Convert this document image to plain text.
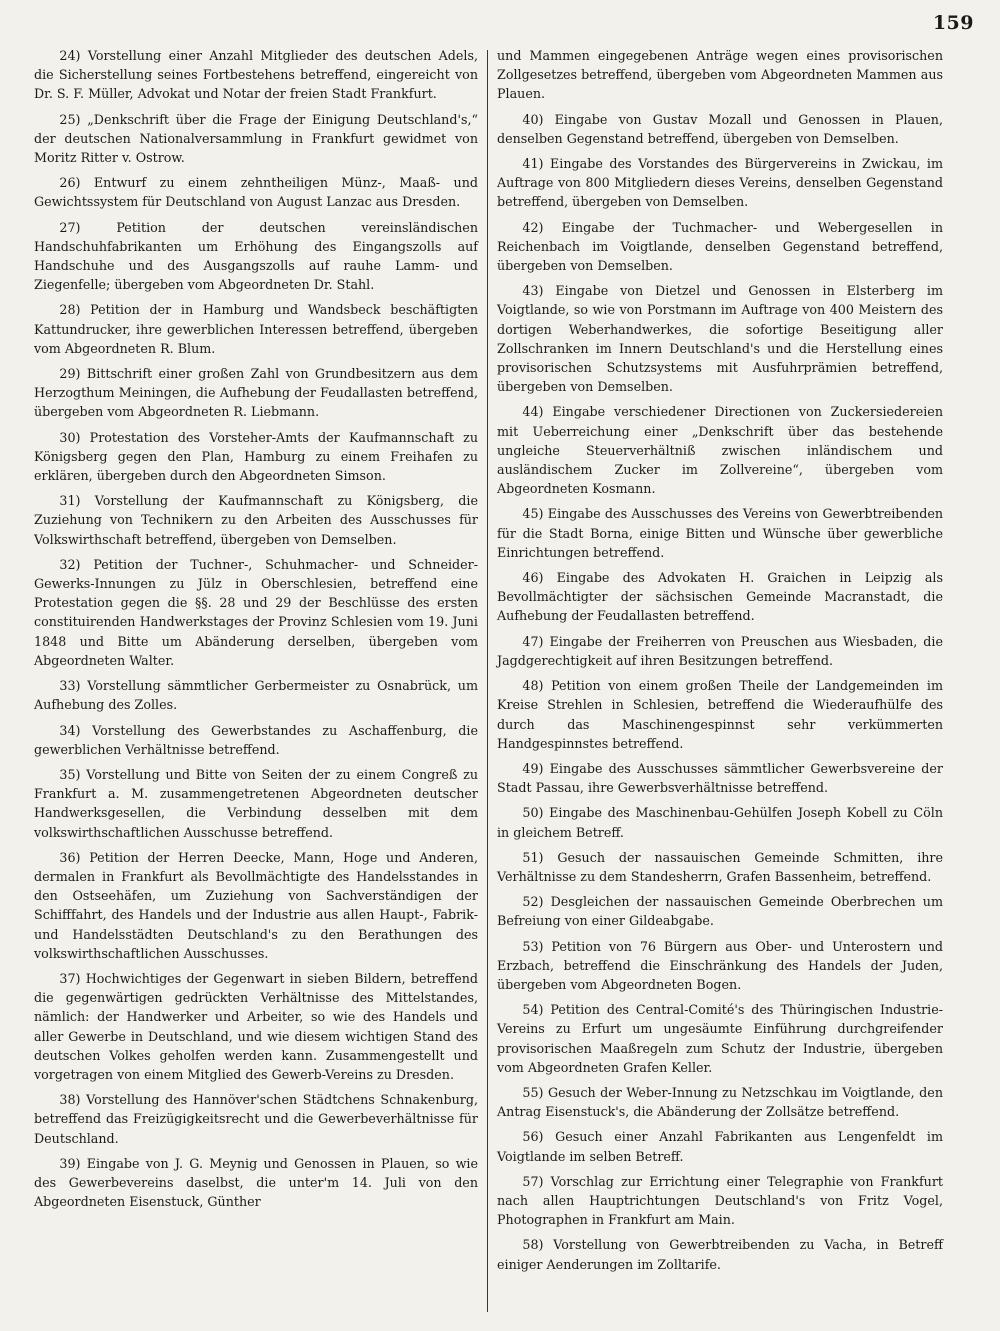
159

24) Vorstellung einer Anzahl Mitglieder des deutschen Adels, die Sicherstellung seines Fortbestehens betreffend, eingereicht von Dr. S. F. Müller, Advokat und Notar der freien Stadt Frankfurt.

25) „Denkschrift über die Frage der Einigung Deutschland's,“ der deutschen Nationalversammlung in Frankfurt gewidmet von Moritz Ritter v. Ostrow.

26) Entwurf zu einem zehntheiligen Münz-, Maaß- und Gewichtssystem für Deutschland von August Lanzac aus Dresden.

27) Petition der deutschen vereinsländischen Handschuhfabrikanten um Erhöhung des Eingangszolls auf Handschuhe und des Ausgangszolls auf rauhe Lamm- und Ziegenfelle; übergeben vom Abgeordneten Dr. Stahl.

28) Petition der in Hamburg und Wandsbeck beschäftigten Kattundrucker, ihre gewerblichen Interessen betreffend, übergeben vom Abgeordneten R. Blum.

29) Bittschrift einer großen Zahl von Grundbesitzern aus dem Herzogthum Meiningen, die Aufhebung der Feudallasten betreffend, übergeben vom Abgeordneten R. Liebmann.

30) Protestation des Vorsteher-Amts der Kaufmannschaft zu Königsberg gegen den Plan, Hamburg zu einem Freihafen zu erklären, übergeben durch den Abgeordneten Simson.

31) Vorstellung der Kaufmannschaft zu Königsberg, die Zuziehung von Technikern zu den Arbeiten des Ausschusses für Volkswirthschaft betreffend, übergeben von Demselben.

32) Petition der Tuchner-, Schuhmacher- und Schneider-Gewerks-Innungen zu Jülz in Oberschlesien, betreffend eine Protestation gegen die §§. 28 und 29 der Beschlüsse des ersten constituirenden Handwerkstages der Provinz Schlesien vom 19. Juni 1848 und Bitte um Abänderung derselben, übergeben vom Abgeordneten Walter.

33) Vorstellung sämmtlicher Gerbermeister zu Osnabrück, um Aufhebung des Zolles.

34) Vorstellung des Gewerbstandes zu Aschaffenburg, die gewerblichen Verhältnisse betreffend.

35) Vorstellung und Bitte von Seiten der zu einem Congreß zu Frankfurt a. M. zusammengetretenen Abgeordneten deutscher Handwerksgesellen, die Verbindung desselben mit dem volkswirthschaftlichen Ausschusse betreffend.

36) Petition der Herren Deecke, Mann, Hoge und Anderen, dermalen in Frankfurt als Bevollmächtigte des Handelsstandes in den Ostseehäfen, um Zuziehung von Sachverständigen der Schifffahrt, des Handels und der Industrie aus allen Haupt-, Fabrik- und Handelsstädten Deutschland's zu den Berathungen des volkswirthschaftlichen Ausschusses.

37) Hochwichtiges der Gegenwart in sieben Bildern, betreffend die gegenwärtigen gedrückten Verhältnisse des Mittelstandes, nämlich: der Handwerker und Arbeiter, so wie des Handels und aller Gewerbe in Deutschland, und wie diesem wichtigen Stand des deutschen Volkes geholfen werden kann. Zusammengestellt und vorgetragen von einem Mitglied des Gewerb-Vereins zu Dresden.

38) Vorstellung des Hannöver'schen Städtchens Schnakenburg, betreffend das Freizügigkeitsrecht und die Gewerbeverhältnisse für Deutschland.

39) Eingabe von J. G. Meynig und Genossen in Plauen, so wie des Gewerbevereins daselbst, die unter'm 14. Juli von den Abgeordneten Eisenstuck, Günther

und Mammen eingegebenen Anträge wegen eines provisorischen Zollgesetzes betreffend, übergeben vom Abgeordneten Mammen aus Plauen.

40) Eingabe von Gustav Mozall und Genossen in Plauen, denselben Gegenstand betreffend, übergeben von Demselben.

41) Eingabe des Vorstandes des Bürgervereins in Zwickau, im Auftrage von 800 Mitgliedern dieses Vereins, denselben Gegenstand betreffend, übergeben von Demselben.

42) Eingabe der Tuchmacher- und Webergesellen in Reichenbach im Voigtlande, denselben Gegenstand betreffend, übergeben von Demselben.

43) Eingabe von Dietzel und Genossen in Elsterberg im Voigtlande, so wie von Porstmann im Auftrage von 400 Meistern des dortigen Weberhandwerkes, die sofortige Beseitigung aller Zollschranken im Innern Deutschland's und die Herstellung eines provisorischen Schutzsystems mit Ausfuhrprämien betreffend, übergeben von Demselben.

44) Eingabe verschiedener Directionen von Zuckersiedereien mit Ueberreichung einer „Denkschrift über das bestehende ungleiche Steuerverhältniß zwischen inländischem und ausländischem Zucker im Zollvereine“, übergeben vom Abgeordneten Kosmann.

45) Eingabe des Ausschusses des Vereins von Gewerbtreibenden für die Stadt Borna, einige Bitten und Wünsche über gewerbliche Einrichtungen betreffend.

46) Eingabe des Advokaten H. Graichen in Leipzig als Bevollmächtigter der sächsischen Gemeinde Macranstadt, die Aufhebung der Feudallasten betreffend.

47) Eingabe der Freiherren von Preuschen aus Wiesbaden, die Jagdgerechtigkeit auf ihren Besitzungen betreffend.

48) Petition von einem großen Theile der Landgemeinden im Kreise Strehlen in Schlesien, betreffend die Wiederaufhülfe des durch das Maschinengespinnst sehr verkümmerten Handgespinnstes betreffend.

49) Eingabe des Ausschusses sämmtlicher Gewerbsvereine der Stadt Passau, ihre Gewerbsverhältnisse betreffend.

50) Eingabe des Maschinenbau-Gehülfen Joseph Kobell zu Cöln in gleichem Betreff.

51) Gesuch der nassauischen Gemeinde Schmitten, ihre Verhältnisse zu dem Standesherrn, Grafen Bassenheim, betreffend.

52) Desgleichen der nassauischen Gemeinde Oberbrechen um Befreiung von einer Gildeabgabe.

53) Petition von 76 Bürgern aus Ober- und Unterostern und Erzbach, betreffend die Einschränkung des Handels der Juden, übergeben vom Abgeordneten Bogen.

54) Petition des Central-Comité's des Thüringischen Industrie-Vereins zu Erfurt um ungesäumte Einführung durchgreifender provisorischen Maaßregeln zum Schutz der Industrie, übergeben vom Abgeordneten Grafen Keller.

55) Gesuch der Weber-Innung zu Netzschkau im Voigtlande, den Antrag Eisenstuck's, die Abänderung der Zollsätze betreffend.

56) Gesuch einer Anzahl Fabrikanten aus Lengenfeldt im Voigtlande im selben Betreff.

57) Vorschlag zur Errichtung einer Telegraphie von Frankfurt nach allen Hauptrichtungen Deutschland's von Fritz Vogel, Photographen in Frankfurt am Main.

58) Vorstellung von Gewerbtreibenden zu Vacha, in Betreff einiger Aenderungen im Zolltarife.
